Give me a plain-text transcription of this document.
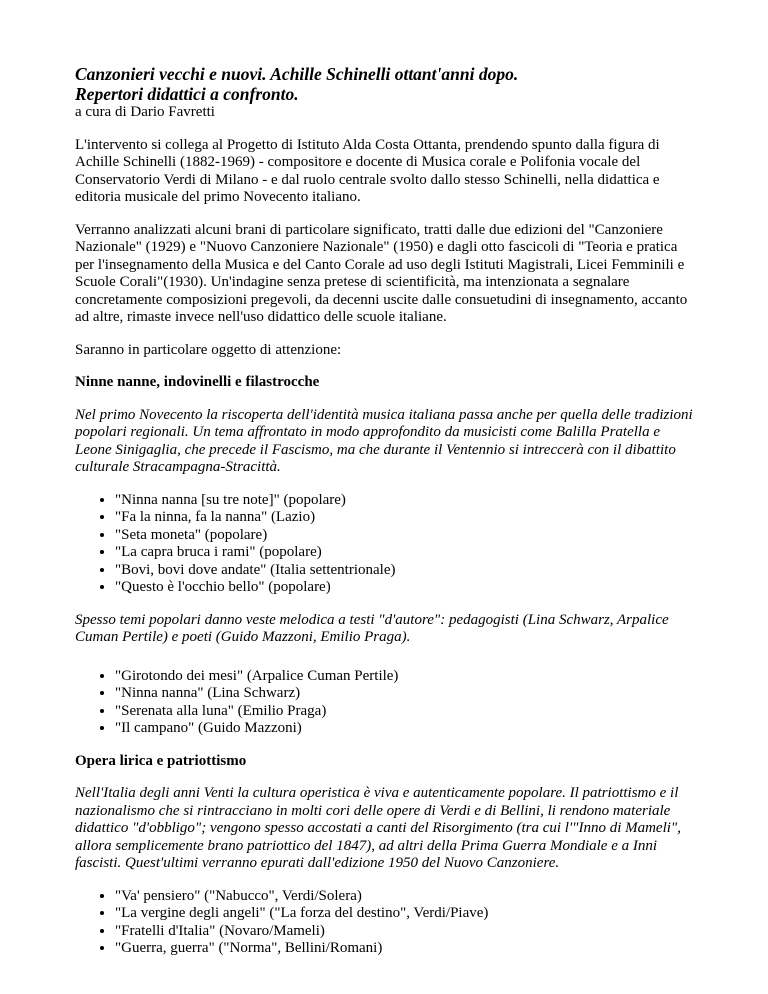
Canzonieri vecchi e nuovi. Achille Schinelli ottant'anni dopo.
Repertori didattici a confronto.

a cura di Dario Favretti

L'intervento si collega al Progetto di Istituto Alda Costa Ottanta, prendendo spunto dalla figura di Achille Schinelli (1882-1969) - compositore e docente di Musica corale e Polifonia vocale del Conservatorio Verdi di Milano - e dal ruolo centrale svolto dallo stesso Schinelli, nella didattica e editoria musicale del primo Novecento italiano.

Verranno analizzati alcuni brani di particolare significato, tratti dalle due edizioni del "Canzoniere Nazionale" (1929) e "Nuovo Canzoniere Nazionale" (1950) e dagli otto fascicoli di "Teoria e pratica per l'insegnamento della Musica e del Canto Corale ad uso degli Istituti Magistrali, Licei Femminili e Scuole Corali"(1930). Un'indagine senza pretese di scientificità, ma intenzionata a segnalare concretamente composizioni pregevoli, da decenni uscite dalle consuetudini di insegnamento, accanto ad altre, rimaste invece nell'uso didattico delle scuole italiane.

Saranno in particolare oggetto di attenzione:

Ninne nanne, indovinelli e filastrocche

Nel primo Novecento la riscoperta dell'identità musica italiana passa anche per quella delle tradizioni popolari regionali. Un tema affrontato in modo approfondito da musicisti come Balilla Pratella e Leone Sinigaglia, che precede il Fascismo, ma che durante il Ventennio si intreccerà con il dibattito culturale Stracampagna-Stracittà.

• "Ninna nanna [su tre note]" (popolare)
• "Fa la ninna, fa la nanna" (Lazio)
• "Seta moneta" (popolare)
• "La capra bruca i rami" (popolare)
• "Bovi, bovi dove andate" (Italia settentrionale)
• "Questo è l'occhio bello" (popolare)

Spesso temi popolari danno veste melodica a testi "d'autore": pedagogisti (Lina Schwarz, Arpalice Cuman Pertile) e poeti (Guido Mazzoni, Emilio Praga).

• "Girotondo dei mesi" (Arpalice Cuman Pertile)
• "Ninna nanna" (Lina Schwarz)
• "Serenata alla luna" (Emilio Praga)
• "Il campano" (Guido Mazzoni)
Opera lirica e patriottismo

Nell'Italia degli anni Venti la cultura operistica è viva e autenticamente popolare. Il patriottismo e il nazionalismo che si rintracciano in molti cori delle opere di Verdi e di Bellini, li rendono materiale didattico "d'obbligo"; vengono spesso accostati a canti del Risorgimento (tra cui l'"Inno di Mameli", allora semplicemente brano patriottico del 1847), ad altri della Prima Guerra Mondiale e a Inni fascisti. Quest'ultimi verranno epurati dall'edizione 1950 del Nuovo Canzoniere.

• "Va' pensiero" ("Nabucco", Verdi/Solera)
• "La vergine degli angeli" ("La forza del destino", Verdi/Piave)
• "Fratelli d'Italia" (Novaro/Mameli)
• "Guerra, guerra" ("Norma", Bellini/Romani)
